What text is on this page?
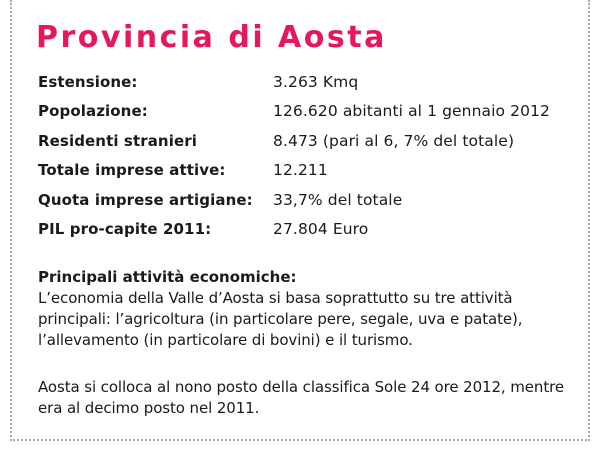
Provincia di Aosta
Estensione:	3.263 Kmq
Popolazione:	126.620 abitanti al 1 gennaio 2012
Residenti stranieri	8.473 (pari al 6, 7% del totale)
Totale imprese attive:	12.211
Quota imprese artigiane:	33,7% del totale
PIL pro-capite 2011:	27.804 Euro
Principali attività economiche:

L’economia della Valle d’Aosta si basa soprattutto su tre attività principali: l’agricoltura (in particolare pere, segale, uva e patate), l’allevamento (in particolare di bovini) e il turismo.

Aosta si colloca al nono posto della classifica Sole 24 ore 2012, mentre era al decimo posto nel 2011.
